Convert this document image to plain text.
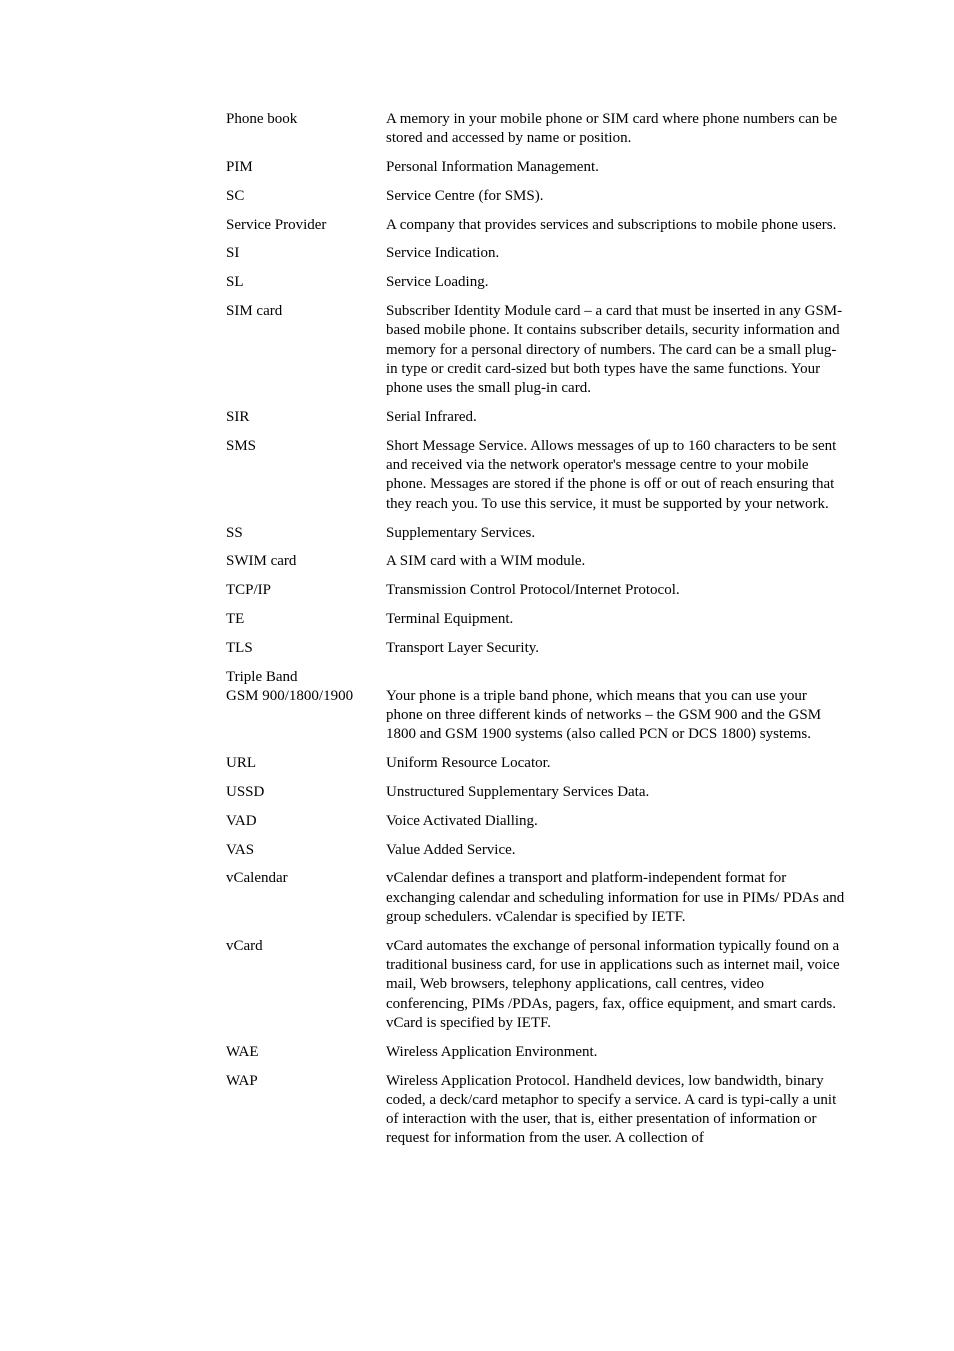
Phone book	A memory in your mobile phone or SIM card where phone numbers can be stored and accessed by name or position.
PIM	Personal Information Management.
SC	Service Centre (for SMS).
Service Provider	A company that provides services and subscriptions to mobile phone users.
SI	Service Indication.
SL	Service Loading.
SIM card	Subscriber Identity Module card – a card that must be inserted in any GSM-based mobile phone. It contains subscriber details, security information and memory for a personal directory of numbers. The card can be a small plug-in type or credit card-sized but both types have the same functions. Your phone uses the small plug-in card.
SIR	Serial Infrared.
SMS	Short Message Service. Allows messages of up to 160 characters to be sent and received via the network operator's message centre to your mobile phone. Messages are stored if the phone is off or out of reach ensuring that they reach you. To use this service, it must be supported by your network.
SS	Supplementary Services.
SWIM card	A SIM card with a WIM module.
TCP/IP	Transmission Control Protocol/Internet Protocol.
TE	Terminal Equipment.
TLS	Transport Layer Security.
Triple Band
GSM 900/1800/1900	Your phone is a triple band phone, which means that you can use your phone on three different kinds of networks – the GSM 900 and the GSM 1800 and GSM 1900 systems (also called PCN or DCS 1800) systems.
URL	Uniform Resource Locator.
USSD	Unstructured Supplementary Services Data.
VAD	Voice Activated Dialling.
VAS	Value Added Service.
vCalendar	vCalendar defines a transport and platform-independent format for exchanging calendar and scheduling information for use in PIMs/ PDAs and group schedulers. vCalendar is specified by IETF.
vCard	vCard automates the exchange of personal information typically found on a traditional business card, for use in applications such as internet mail, voice mail, Web browsers, telephony applications, call centres, video conferencing, PIMs /PDAs, pagers, fax, office equipment, and smart cards. vCard is specified by IETF.
WAE	Wireless Application Environment.
WAP	Wireless Application Protocol. Handheld devices, low bandwidth, binary coded, a deck/card metaphor to specify a service. A card is typi-cally a unit of interaction with the user, that is, either presentation of information or request for information from the user. A collection of
